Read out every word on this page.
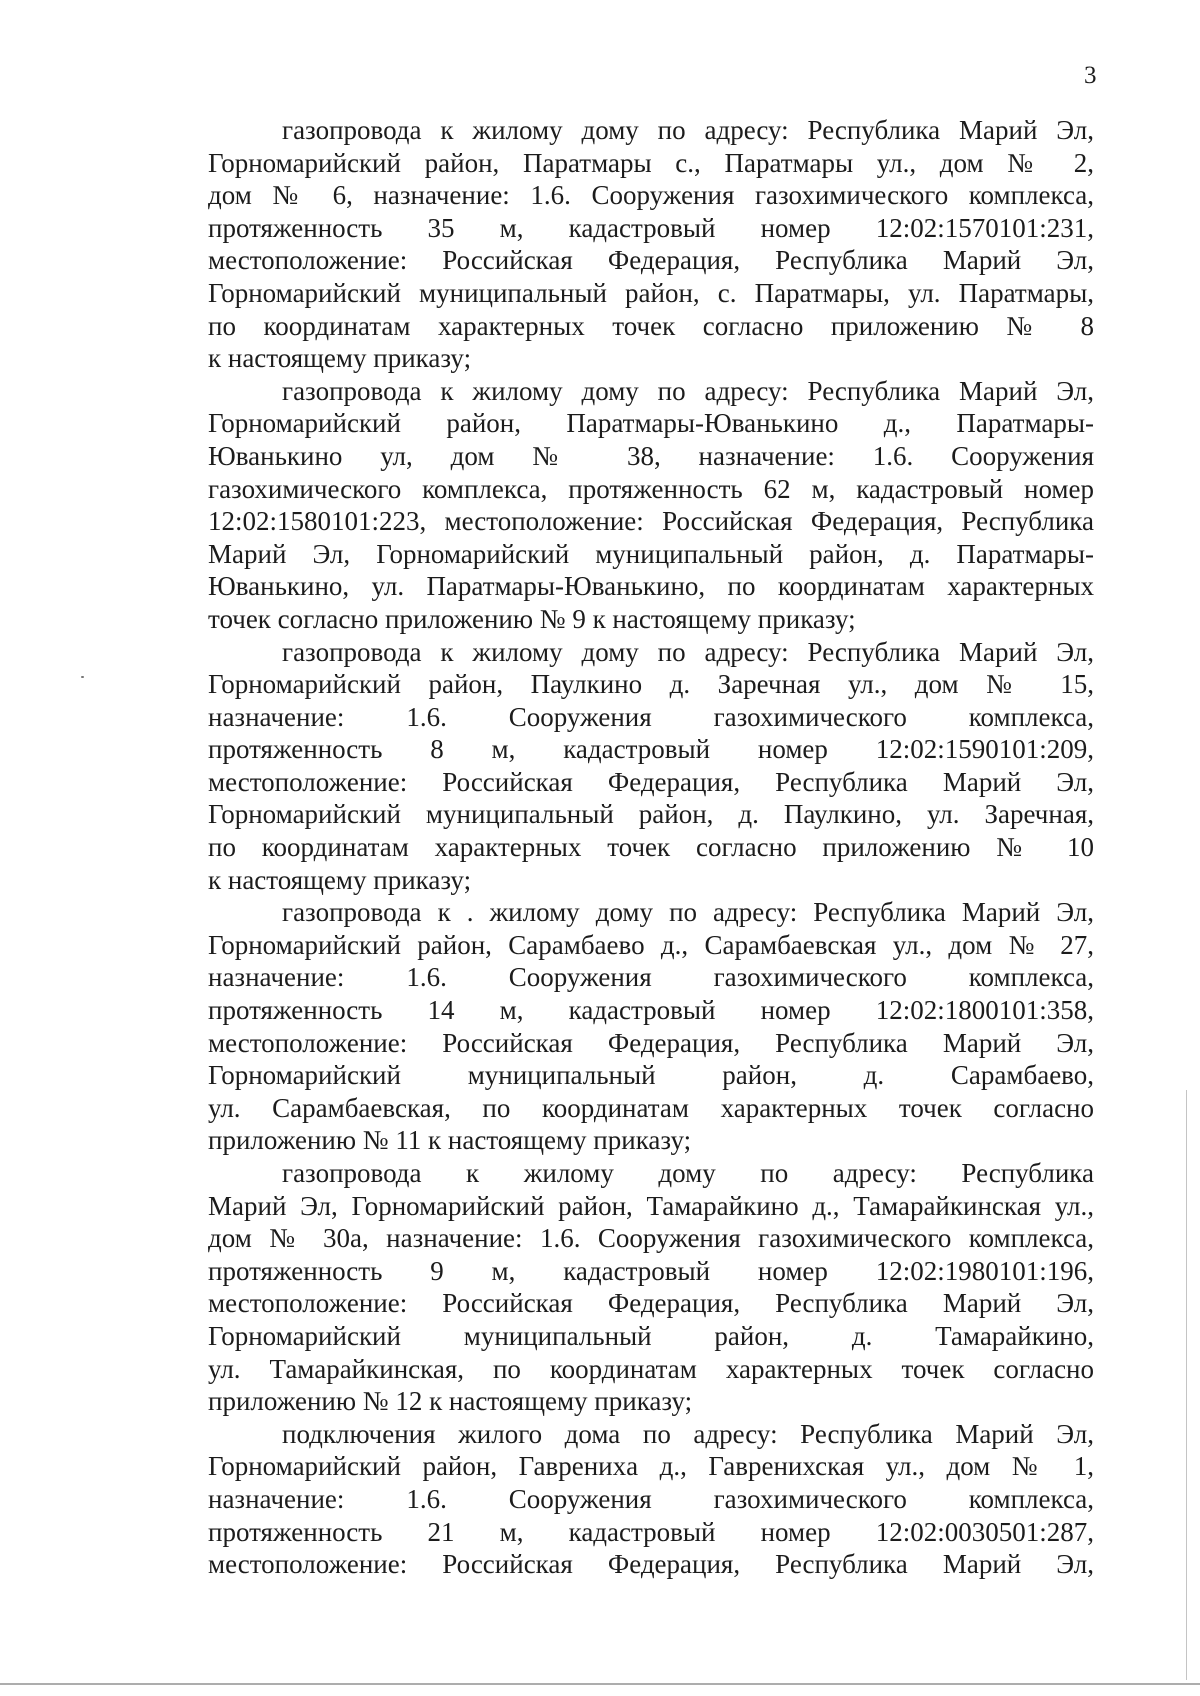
3
газопровода к жилому дому по адресу: Республика Марий Эл,
Горномарийский район, Паратмары с., Паратмары ул., дом № 2,
дом № 6, назначение: 1.6. Сооружения газохимического комплекса,
протяженность 35 м, кадастровый номер 12:02:1570101:231,
местоположение: Российская Федерация, Республика Марий Эл,
Горномарийский муниципальный район, с. Паратмары, ул. Паратмары,
по координатам характерных точек согласно приложению № 8
к настоящему приказу;
газопровода к жилому дому по адресу: Республика Марий Эл,
Горномарийский район, Паратмары-Юванькино д., Паратмары-
Юванькино ул, дом № 38, назначение: 1.6. Сооружения
газохимического комплекса, протяженность 62 м, кадастровый номер
12:02:1580101:223, местоположение: Российская Федерация, Республика
Марий Эл, Горномарийский муниципальный район, д. Паратмары-
Юванькино, ул. Паратмары-Юванькино, по координатам характерных
точек согласно приложению № 9 к настоящему приказу;
газопровода к жилому дому по адресу: Республика Марий Эл,
Горномарийский район, Паулкино д. Заречная ул., дом № 15,
назначение: 1.6. Сооружения газохимического комплекса,
протяженность 8 м, кадастровый номер 12:02:1590101:209,
местоположение: Российская Федерация, Республика Марий Эл,
Горномарийский муниципальный район, д. Паулкино, ул. Заречная,
по координатам характерных точек согласно приложению № 10
к настоящему приказу;
газопровода к . жилому дому по адресу: Республика Марий Эл,
Горномарийский район, Сарамбаево д., Сарамбаевская ул., дом № 27,
назначение: 1.6. Сооружения газохимического комплекса,
протяженность 14 м, кадастровый номер 12:02:1800101:358,
местоположение: Российская Федерация, Республика Марий Эл,
Горномарийский муниципальный район, д. Сарамбаево,
ул. Сарамбаевская, по координатам характерных точек согласно
приложению № 11 к настоящему приказу;
газопровода к жилому дому по адресу: Республика
Марий Эл, Горномарийский район, Тамарайкино д., Тамарайкинская ул.,
дом № 30а, назначение: 1.6. Сооружения газохимического комплекса,
протяженность 9 м, кадастровый номер 12:02:1980101:196,
местоположение: Российская Федерация, Республика Марий Эл,
Горномарийский муниципальный район, д. Тамарайкино,
ул. Тамарайкинская, по координатам характерных точек согласно
приложению № 12 к настоящему приказу;
подключения жилого дома по адресу: Республика Марий Эл,
Горномарийский район, Гавренихa д., Гавренихская ул., дом № 1,
назначение: 1.6. Сооружения газохимического комплекса,
протяженность 21 м, кадастровый номер 12:02:0030501:287,
местоположение: Российская Федерация, Республика Марий Эл,
